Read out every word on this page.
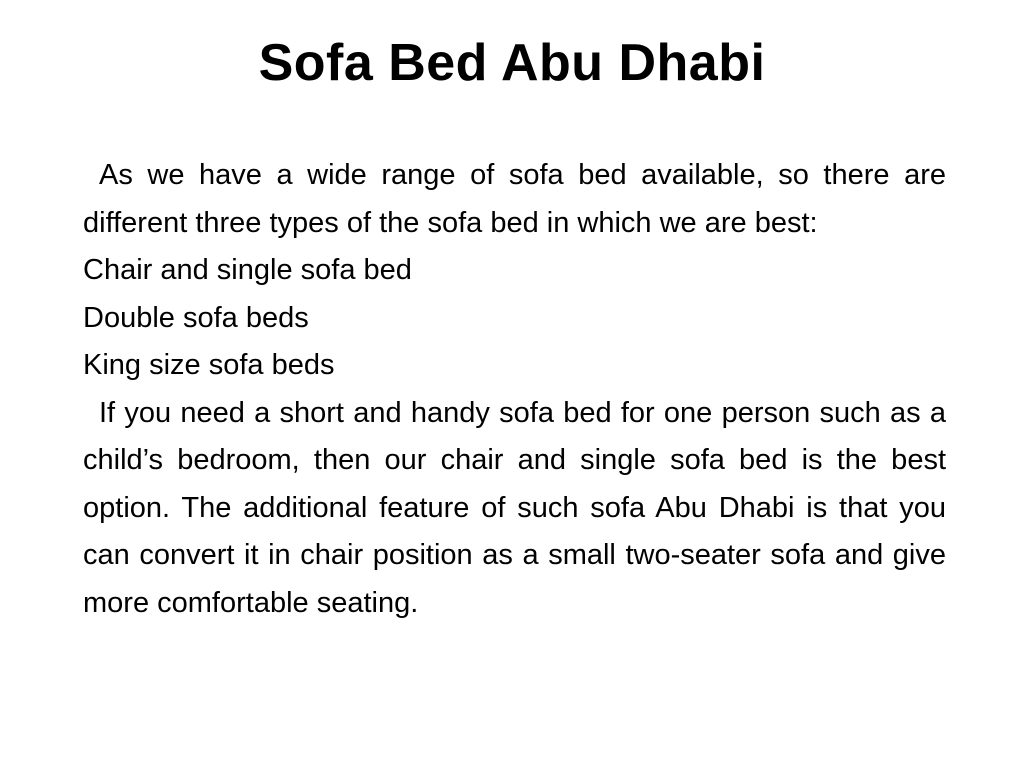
Sofa Bed Abu Dhabi

As we have a wide range of sofa bed available, so there are different three types of the sofa bed in which we are best:

Chair and single sofa bed

Double sofa beds

King size sofa beds

If you need a short and handy sofa bed for one person such as a child’s bedroom, then our chair and single sofa bed is the best option. The additional feature of such sofa Abu Dhabi is that you can convert it in chair position as a small two-seater sofa and give more comfortable seating.
